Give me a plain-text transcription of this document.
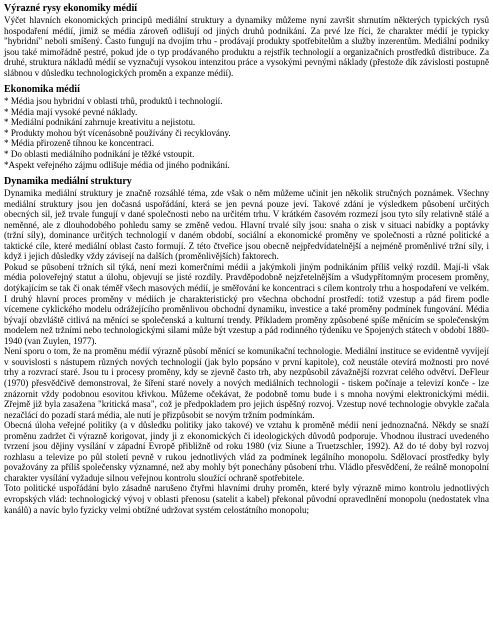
Výrazné rysy ekonomiky médií

Výčet hlavních ekonomických principů mediální struktury a dynamiky můžeme nyní završit shrnutím některých typických rysů hospodaření médií, jimiž se média zároveň odlišují od jiných druhů podnikání. Za prvé lze říci, že charakter médií je typicky "hybridní" neboli smíšený. Často fungují na dvojím trhu - prodávají produkty spotřebitelům a služby inzerentům. Mediální podniky jsou také mimořádně pestré, pokud jde o typ prodávaného produktu a rejstřík technologií a organizačních prostředků distribuce. Za druhé, struktura nákladů médií se vyznačují vysokou intenzitou práce a vysokými pevnými náklady (přestože dík závislosti postupně slábnou v důsledku technologických proměn a expanze médií).

Ekonomika médií

* Média jsou hybridní v oblasti trhů, produktů i technologií.
* Média mají vysoké pevné náklady.
* Mediální podnikání zahrnuje kreativitu a nejistotu.
* Produkty mohou být vícenásobně používány či recyklovány.
* Média přirozeně tíhnou ke koncentraci.
* Do oblasti mediálního podnikání je těžké vstoupit.
*Aspekt veřejného zájmu odlišuje média od jiného podnikání.

Dynamika mediální struktury

Dynamika mediální struktury je značně rozsáhlé téma, zde však o něm můžeme učinit jen několik stručných poznámek. Všechny mediální struktury jsou jen dočasná uspořádání, která se jen pevná pouze jeví. Takové zdání je výsledkem působení určitých obecných sil, jež trvale fungují v dané společnosti nebo na určitém trhu. V krátkém časovém rozmezí jsou tyto síly relativně stálé a neměnné, ale z dlouhodobého pohledu samy se změně vedou. Hlavní trvalé síly jsou: snaha o zisk v situaci nabídky a poptávky (tržní síly), dominance určitých technologií v daném období, sociální a ekonomické proměny ve společnosti a různé politické a taktické cíle, které mediální oblast často formují. Z této čtveřice jsou obecně nejpředvídatelnější a nejméně proměnlivé tržní síly, i když i jejich důsledky vždy závisejí na dalších (proměnlivějších) faktorech.

Pokud se působení tržních sil týká, není mezi komerčními médii a jakýmkoli jiným podnikáním příliš velký rozdíl. Mají-li však média poloveřejný statut a úlohu, objevují se jisté rozdíly. Pravděpodobně nejzřetelnějším a všudypřítomným procesem proměny, dotýkajícím se tak či onak téměř všech masových médií, je směřování ke koncentraci s cílem kontroly trhu a hospodaření ve velkém. I druhý hlavní proces proměny v médiích je charakteristický pro všechna obchodní prostředí: totiž vzestup a pád firem podle vícemene cyklického modelu odrážejícího proměnlivou obchodní dynamiku, investice a také proměny podmínek fungování. Média bývají obzvláště citlivá na měnící se společenská a kulturní trendy. Příkladem proměny způsobené spíše měnícím se společenským modelem než tržními nebo technologickými silami může být vzestup a pád rodinného týdeníku ve Spojených státech v období 1880-1940 (van Zuylen, 1977).

Není sporu o tom, že na proměnu médií výrazně působí měnící se komunikační technologie. Mediální instituce se evidentně vyvíjejí v souvislosti s nástupem různých nových technologií (jak bylo popsáno v první kapitole), což neustále otevírá možnosti pro nové trhy a rozvrací staré. Jsou tu i procesy proměny, kdy se zjevně často trh, aby nezpůsobil závažnější rozvrat celého odvětví. DeFleur (1970) přesvědčivě demonstroval, že šíření staré novely a nových mediálních technologií - tiskem počínaje a televizí konče - lze znázornit vždy podobnou esovitou křivkou. Můžeme očekávat, že podobně tomu bude i s mnoha novými elektronickými médii. Zřejmě již byla zasažena "kritická masa", což je předpokladem pro jejich úspěšný rozvoj. Vzestup nové technologie obvykle začala nezačlácí do pozadí stará média, ale nutí je přizpůsobit se novým tržním podmínkám.

Obecná úloha veřejné politiky (a v důsledku politiky jako takové) ve vztahu k proměně médií není jednoznačná. Někdy se snaží proměnu zadržet či výrazně korigovat, jindy ji z ekonomických či ideologických důvodů podporuje. Vhodnou ilustrací uvedeného tvrzení jsou dějiny vysílání v západní Evropě přibližně od roku 1980 (viz Siune a Truetzschler, 1992). Až do té doby byl rozvoj rozhlasu a televize po půl století pevně v rukou jednotlivých vlád za podmínek legálního monopolu. Sdělovací prostředky byly považovány za příliš společensky významné, než aby mohly být ponechány působení trhu. Vládlo přesvědčení, že reálně monopolní charakter vysílání vyžaduje silnou veřejnou kontrolu sloužící ochraně spotřebitele.

Toto politické uspořádání bylo zásadně narušeno čtyřmi hlavními druhy proměn, které byly výrazně mimo kontrolu jednotlivých evropských vlád: technologický vývoj v oblasti přenosu (satelit a kabel) překonal původní opravedlnění monopolu (nedostatek vlna kanálů) a navíc bylo fyzicky velmi obtížné udržovat systém celostátního monopolu;
